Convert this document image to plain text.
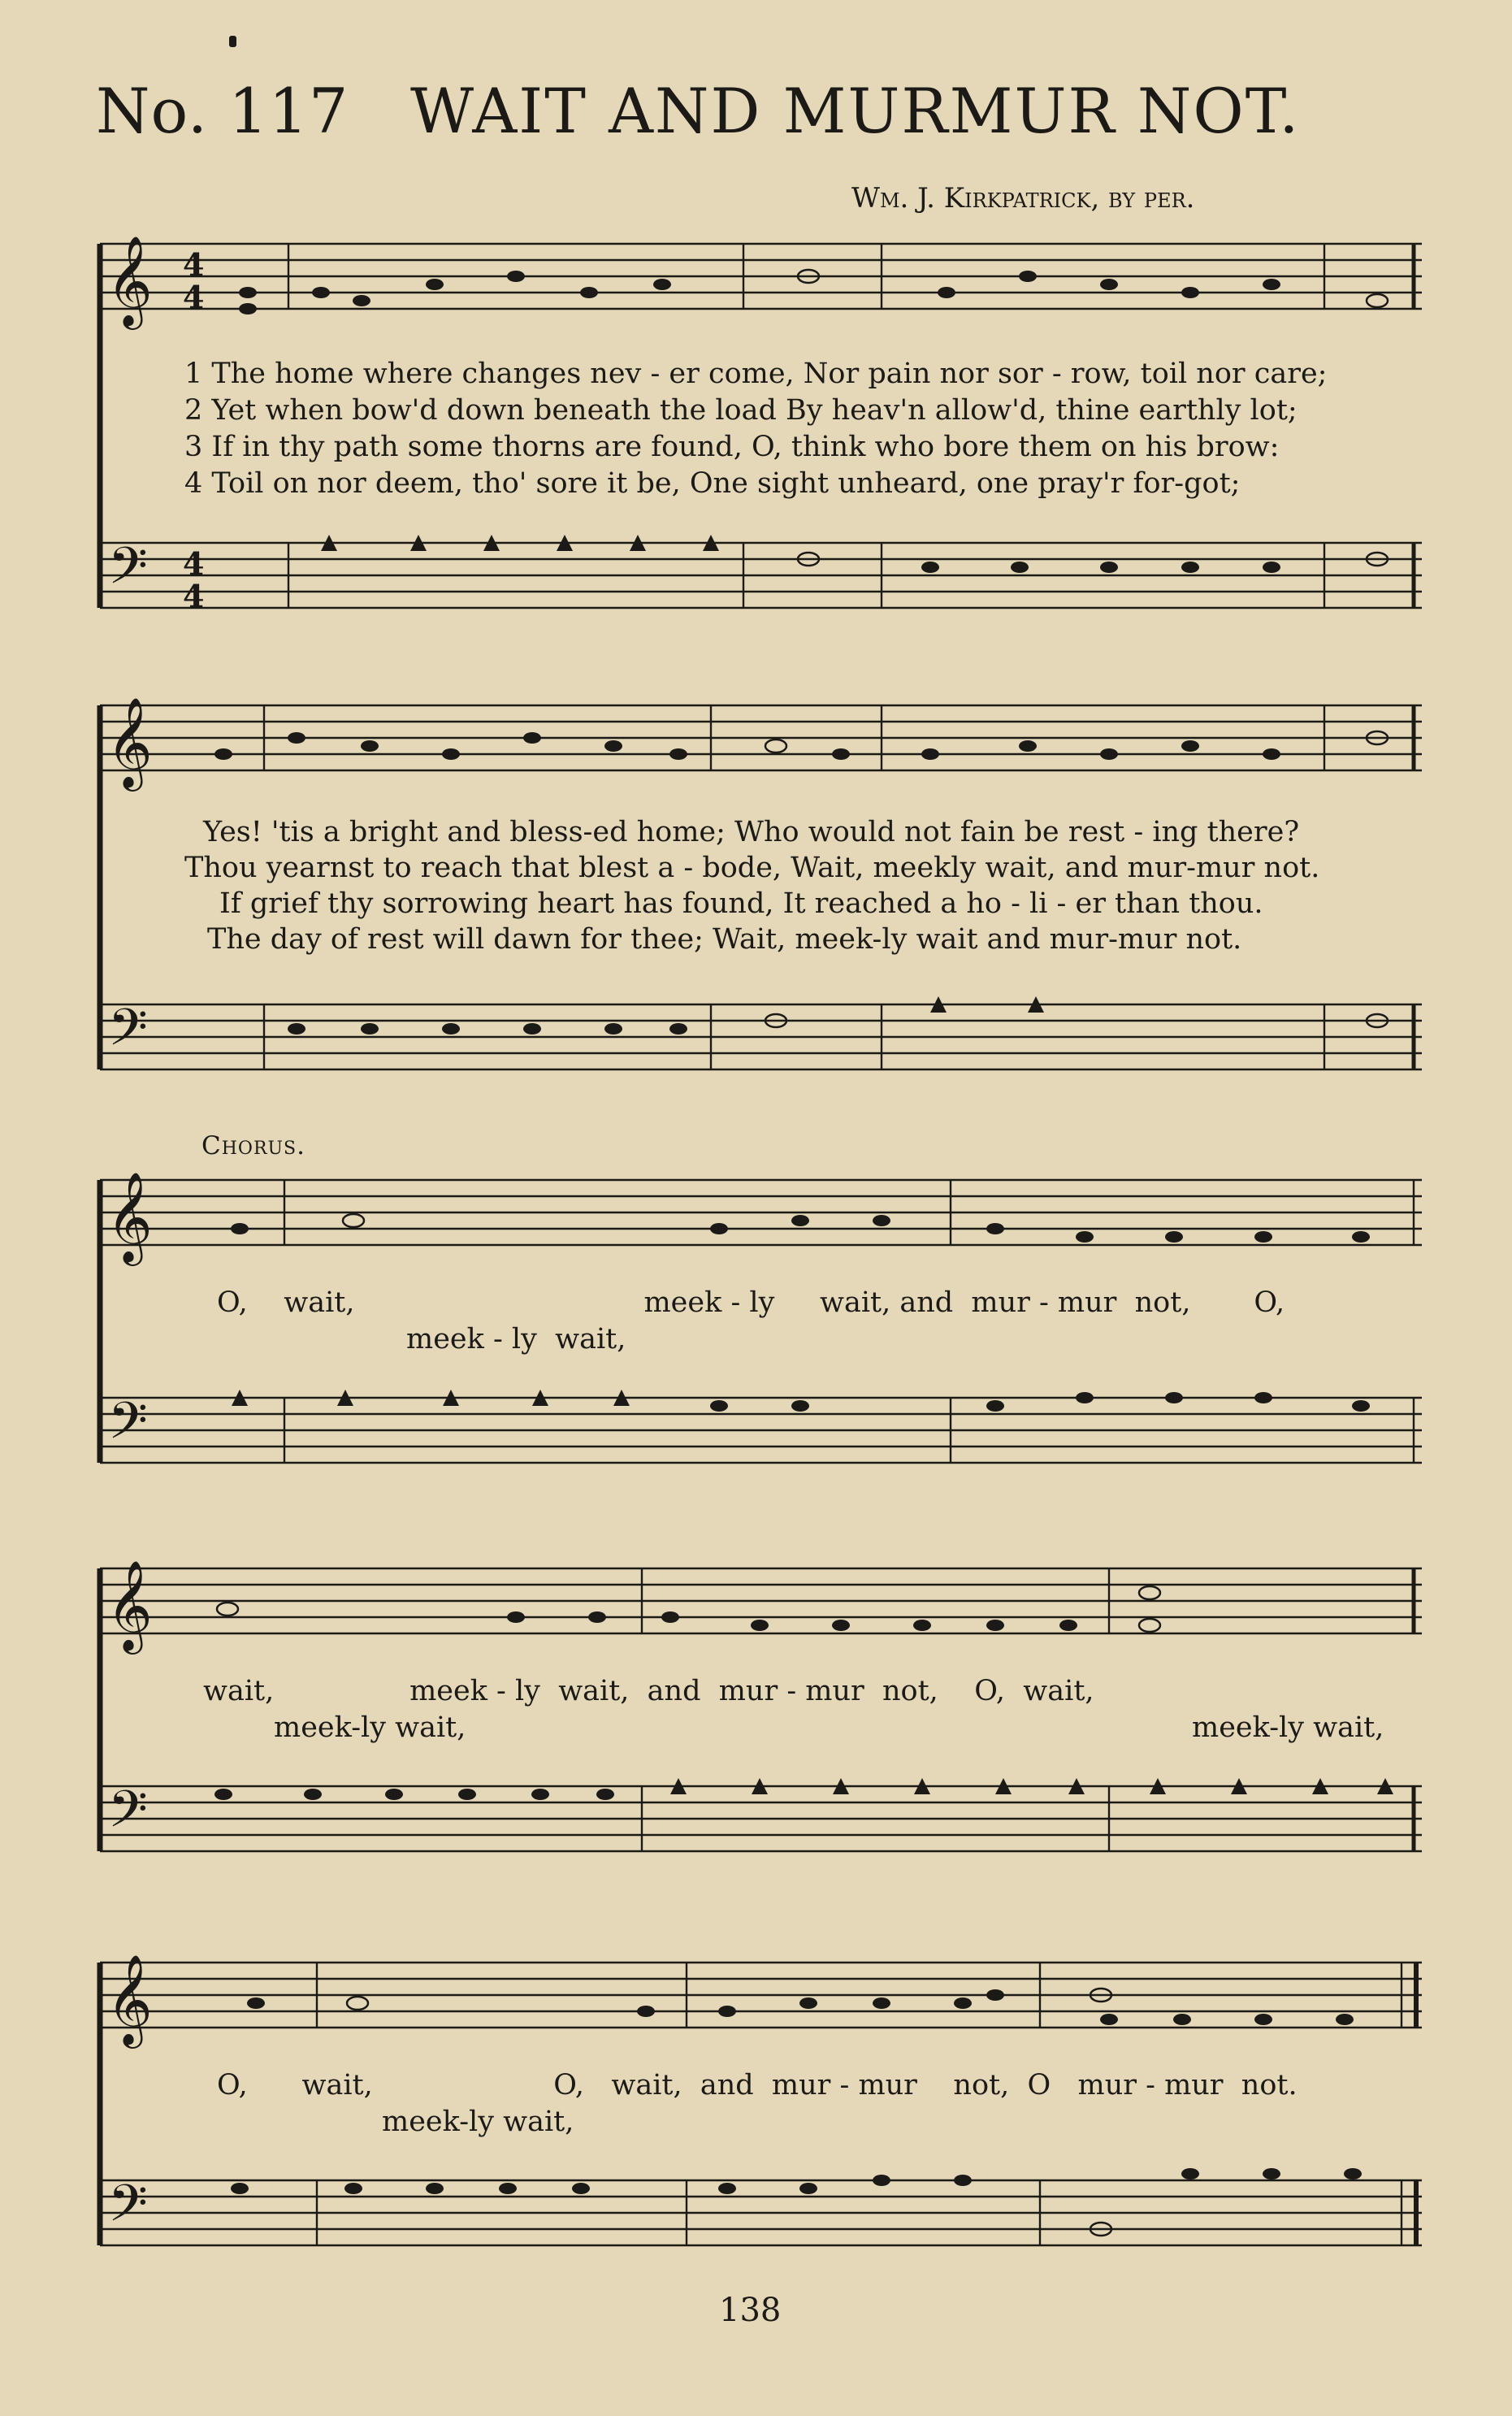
No. 117 WAIT AND MURMUR NOT.
Wm. J. Kirkpatrick, by per.
𝄞
𝄢
4
4
4
4
1 The home where changes nev - er come, Nor pain nor sor - row, toil nor care;
2 Yet when bow'd down beneath the load By heav'n allow'd, thine earthly lot;
3 If in thy path some thorns are found, O, think who bore them on his brow:
4 Toil on nor deem, tho' sore it be, One sight unheard, one pray'r for-got;
𝄞
𝄢
Yes! 'tis a bright and bless-ed home; Who would not fain be rest - ing there?
Thou yearnst to reach that blest a - bode, Wait, meekly wait, and mur-mur not.
If grief thy sorrowing heart has found, It reached a ho - li - er than thou.
The day of rest will dawn for thee; Wait, meek-ly wait and mur-mur not.
Chorus.
𝄞
𝄢
O,    wait,                                meek - ly     wait, and  mur - mur  not,       O,
meek - ly  wait,
𝄞
𝄢
wait,               meek - ly  wait,  and  mur - mur  not,    O,  wait,
meek-ly wait,	meek-ly wait,
𝄞
𝄢
O,      wait,                    O,   wait,  and  mur - mur    not,  O   mur - mur  not.
meek-ly wait,
138
